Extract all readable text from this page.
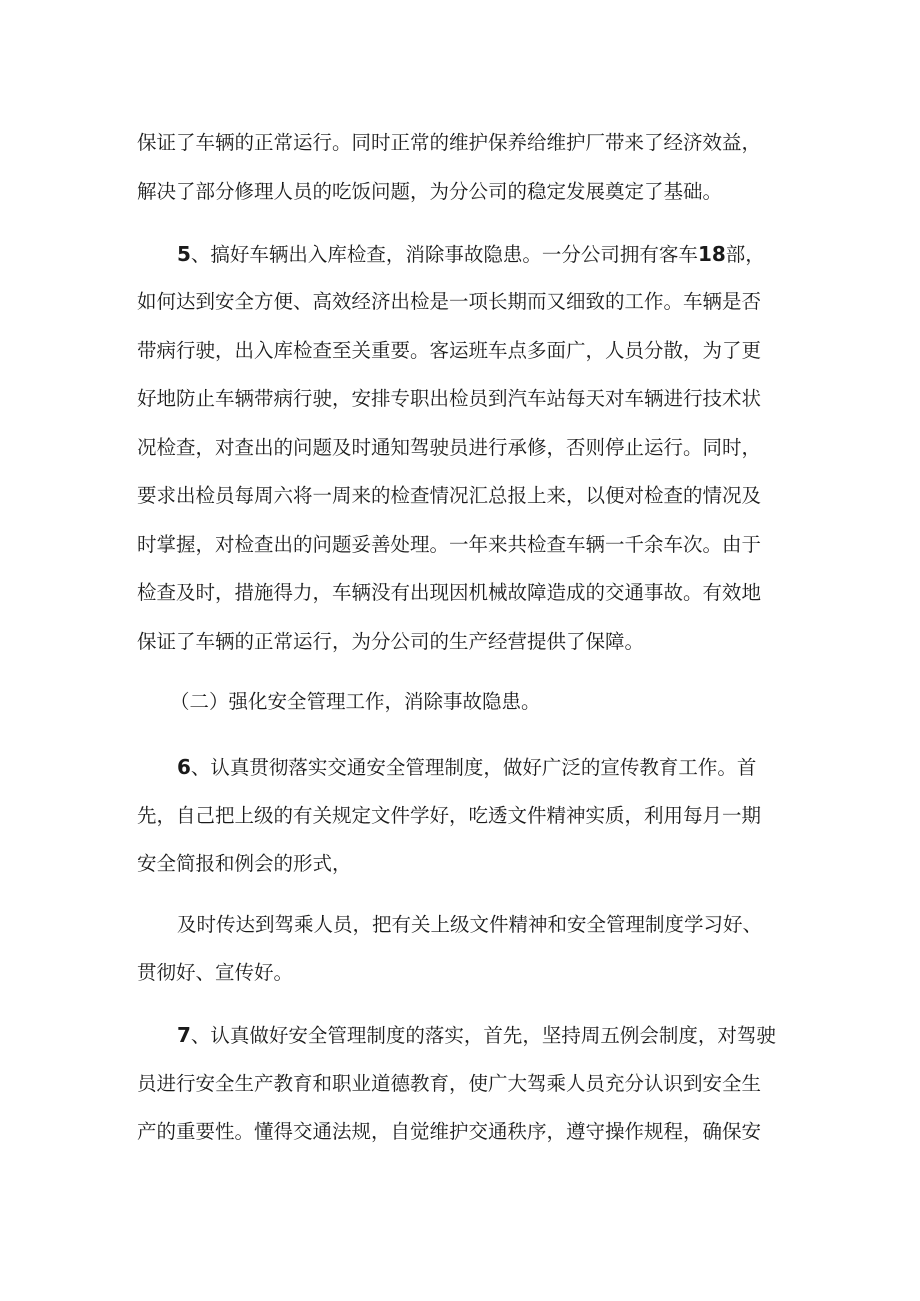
保证了车辆的正常运行。同时正常的维护保养给维护厂带来了经济效益，

解决了部分修理人员的吃饭问题，为分公司的稳定发展奠定了基础。

5、搞好车辆出入库检查，消除事故隐患。一分公司拥有客车18部，

如何达到安全方便、高效经济出检是一项长期而又细致的工作。车辆是否

带病行驶，出入库检查至关重要。客运班车点多面广，人员分散，为了更

好地防止车辆带病行驶，安排专职出检员到汽车站每天对车辆进行技术状

况检查，对查出的问题及时通知驾驶员进行承修，否则停止运行。同时，

要求出检员每周六将一周来的检查情况汇总报上来，以便对检查的情况及

时掌握，对检查出的问题妥善处理。一年来共检查车辆一千余车次。由于

检查及时，措施得力，车辆没有出现因机械故障造成的交通事故。有效地

保证了车辆的正常运行，为分公司的生产经营提供了保障。

（二）强化安全管理工作，消除事故隐患。

6、认真贯彻落实交通安全管理制度，做好广泛的宣传教育工作。首

先，自己把上级的有关规定文件学好，吃透文件精神实质，利用每月一期

安全简报和例会的形式，

及时传达到驾乘人员，把有关上级文件精神和安全管理制度学习好、

贯彻好、宣传好。

7、认真做好安全管理制度的落实，首先，坚持周五例会制度，对驾驶

员进行安全生产教育和职业道德教育，使广大驾乘人员充分认识到安全生

产的重要性。懂得交通法规，自觉维护交通秩序，遵守操作规程，确保安
